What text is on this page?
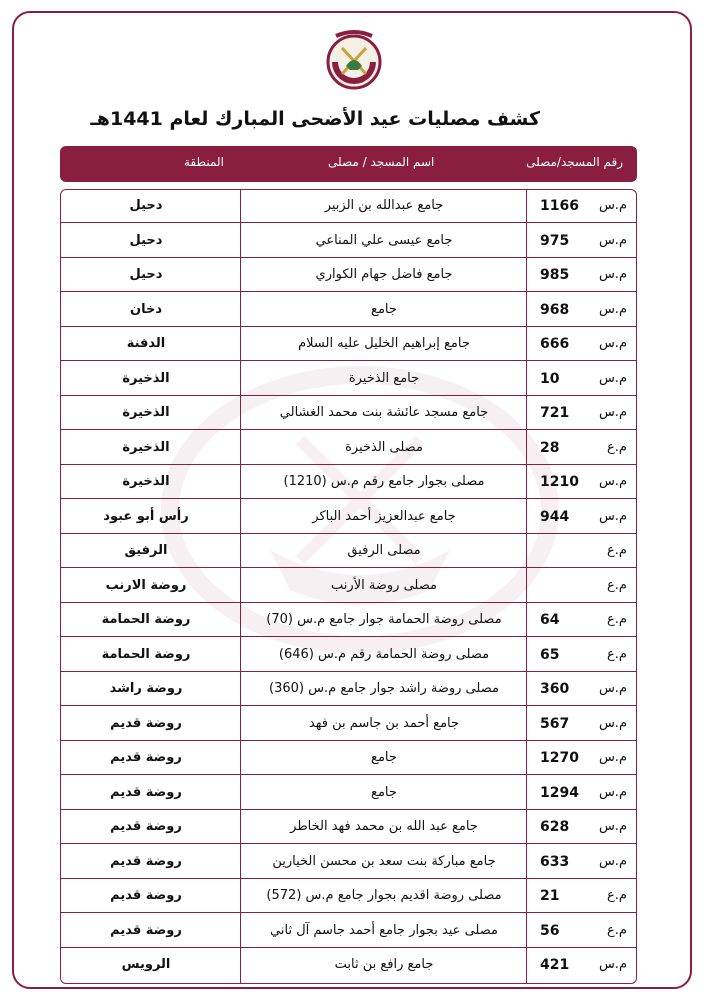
كشف مصليات عيد الأضحى المبارك لعام 1441هـ
رقم المسجد/مصلى
اسم المسجد / مصلى
المنطقة
م.س
1166
جامع عبدالله بن الزبير
دحيل
م.س
975
جامع عيسى علي المناعي
دحيل
م.س
985
جامع فاضل جهام الكواري
دحيل
م.س
968
جامع
دخان
م.س
666
جامع إبراهيم الخليل عليه السلام
الدفنة
م.س
10
جامع الذخيرة
الذخيرة
م.س
721
جامع مسجد عائشة بنت محمد الغشالي
الذخيرة
م.ع
28
مصلى الذخيرة
الذخيرة
م.س
1210
مصلى بجوار جامع رقم م.س (1210)
الذخيرة
م.س
944
جامع عبدالعزيز أحمد الباكر
رأس أبو عبود
م.ع
مصلى الرفيق
الرفيق
م.ع
مصلى روضة الأرنب
روضة الارنب
م.ع
64
مصلى روضة الحمامة جوار جامع م.س (70)
روضة الحمامة
م.ع
65
مصلى روضة الحمامة رقم م.س (646)
روضة الحمامة
م.س
360
مصلى روضة راشد جوار جامع م.س (360)
روضة راشد
م.س
567
جامع أحمد بن جاسم بن فهد
روضة قديم
م.س
1270
جامع
روضة قديم
م.س
1294
جامع
روضة قديم
م.س
628
جامع عبد الله بن محمد فهد الخاطر
روضة قديم
م.س
633
جامع مباركة بنت سعد بن محسن الخيارين
روضة قديم
م.ع
21
مصلى روضة اقديم بجوار جامع م.س (572)
روضة قديم
م.ع
56
مصلى عيد بجوار جامع أحمد جاسم آل ثاني
روضة قديم
م.س
421
جامع رافع بن ثابت
الرويس
